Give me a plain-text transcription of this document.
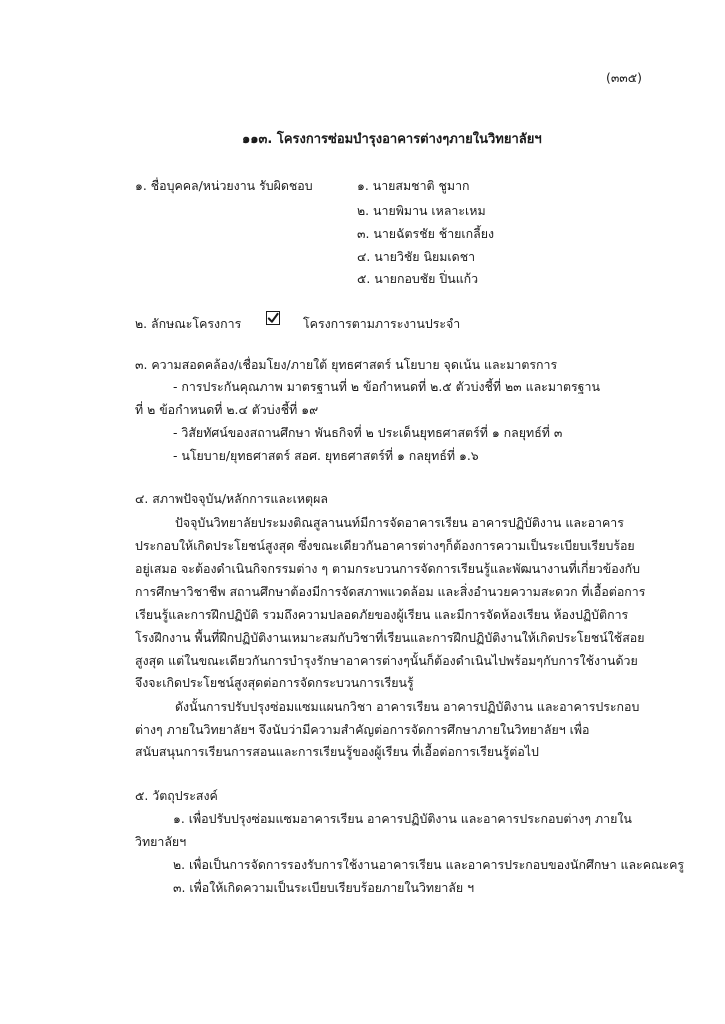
(๓๓๕)
๑๑๓. โครงการซ่อมบำรุงอาคารต่างๆภายในวิทยาลัยฯ
๑. ชื่อบุคคล/หน่วยงาน รับผิดชอบ	๑. นายสมชาติ ชูมาก
๒. นายพิมาน เหลาะเหม
๓. นายฉัตรชัย ช้ายเกลี้ยง
๔. นายวิชัย นิยมเดชา
๕. นายกอบชัย ปิ่นแก้ว
๒. ลักษณะโครงการ	โครงการตามภาระงานประจำ
๓. ความสอดคล้อง/เชื่อมโยง/ภายใต้ ยุทธศาสตร์ นโยบาย จุดเน้น และมาตรการ
- การประกันคุณภาพ มาตรฐานที่ ๒ ข้อกำหนดที่ ๒.๕ ตัวบ่งชี้ที่ ๒๓ และมาตรฐาน
ที่ ๒ ข้อกำหนดที่ ๒.๔ ตัวบ่งชี้ที่ ๑๙
- วิสัยทัศน์ของสถานศึกษา พันธกิจที่ ๒ ประเด็นยุทธศาสตร์ที่ ๑ กลยุทธ์ที่ ๓
- นโยบาย/ยุทธศาสตร์ สอศ. ยุทธศาสตร์ที่ ๑ กลยุทธ์ที่ ๑.๖
๔. สภาพปัจจุบัน/หลักการและเหตุผล
ปัจจุบันวิทยาลัยประมงติณสูลานนท์มีการจัดอาคารเรียน อาคารปฏิบัติงาน และอาคาร
ประกอบให้เกิดประโยชน์สูงสุด ซึ่งขณะเดียวกันอาคารต่างๆก็ต้องการความเป็นระเบียบเรียบร้อย
อยู่เสมอ จะต้องดำเนินกิจกรรมต่าง ๆ ตามกระบวนการจัดการเรียนรู้และพัฒนางานที่เกี่ยวข้องกับ
การศึกษาวิชาชีพ สถานศึกษาต้องมีการจัดสภาพแวดล้อม และสิ่งอำนวยความสะดวก ที่เอื้อต่อการ
เรียนรู้และการฝึกปฏิบัติ รวมถึงความปลอดภัยของผู้เรียน และมีการจัดห้องเรียน ห้องปฏิบัติการ
โรงฝึกงาน พื้นที่ฝึกปฏิบัติงานเหมาะสมกับวิชาที่เรียนและการฝึกปฏิบัติงานให้เกิดประโยชน์ใช้สอย
สูงสุด แต่ในขณะเดียวกันการบำรุงรักษาอาคารต่างๆนั้นก็ต้องดำเนินไปพร้อมๆกับการใช้งานด้วย
จึงจะเกิดประโยชน์สูงสุดต่อการจัดกระบวนการเรียนรู้
ดังนั้นการปรับปรุงซ่อมแซมแผนกวิชา อาคารเรียน อาคารปฏิบัติงาน และอาคารประกอบ
ต่างๆ ภายในวิทยาลัยฯ จึงนับว่ามีความสำคัญต่อการจัดการศึกษาภายในวิทยาลัยฯ เพื่อ
สนับสนุนการเรียนการสอนและการเรียนรู้ของผู้เรียน ที่เอื้อต่อการเรียนรู้ต่อไป
๕. วัตถุประสงค์
๑. เพื่อปรับปรุงซ่อมแซมอาคารเรียน อาคารปฏิบัติงาน และอาคารประกอบต่างๆ ภายใน
วิทยาลัยฯ
๒. เพื่อเป็นการจัดการรองรับการใช้งานอาคารเรียน และอาคารประกอบของนักศึกษา และคณะครู
๓. เพื่อให้เกิดความเป็นระเบียบเรียบร้อยภายในวิทยาลัย ฯ
